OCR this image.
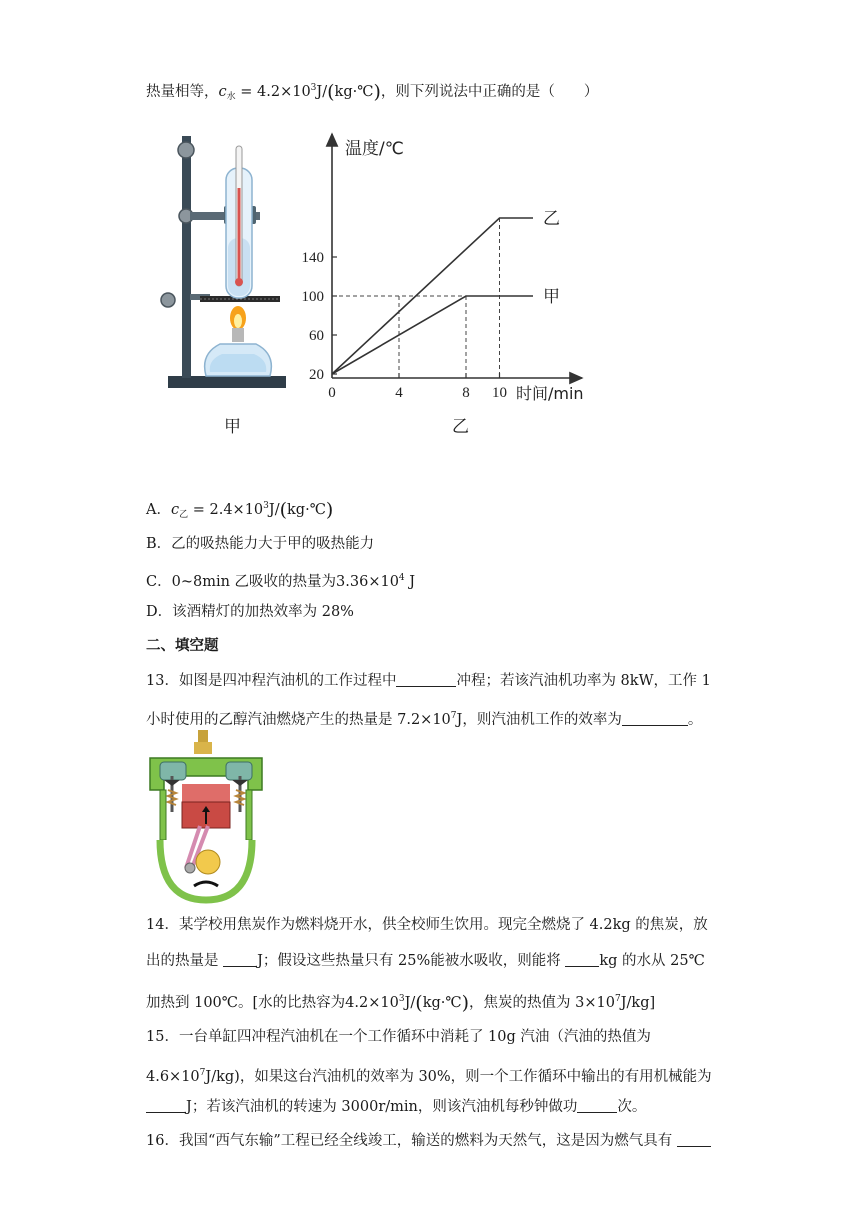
热量相等，$c_水$ = $4.2\times 10^3J/(kg\cdot℃)$，则下列说法中正确的是（　　）
甲
温度/℃
时间/min
0	4	8 10
20
60
100
140
甲
乙
乙
A．$c_乙$ = $2.4\times 10^3J/(kg\cdot℃)$
B．乙的吸热能力大于甲的吸热能力
C．0~8min 乙吸收的热量为$3.36\times 10^4$ J
D．该酒精灯的加热效率为 28%
二、填空题
13．如图是四冲程汽油机的工作过程中	冲程；若该汽油机功率为 8kW，工作 1
小时使用的乙醇汽油燃烧产生的热量是 $7.2\times 10^7J$，则汽油机工作的效率为	。
14．某学校用焦炭作为燃料烧开水，供全校师生饮用。现完全燃烧了 4.2kg 的焦炭，放
出的热量是 J；假设这些热量只有 25%能被水吸收，则能将 kg 的水从 25℃
加热到 100℃。[水的比热容为$4.2\times 10^3J/(kg\cdot℃)$，焦炭的热值为 $3\times 10^7J/kg$]
15．一台单缸四冲程汽油机在一个工作循环中消耗了 10g 汽油（汽油的热值为
$4.6\times 10^7J/kg$)，如果这台汽油机的效率为 30%，则一个工作循环中输出的有用机械能为
J；若该汽油机的转速为 3000r/min，则该汽油机每秒钟做功	次。
16．我国“西气东输”工程已经全线竣工，输送的燃料为天然气，这是因为燃气具有
